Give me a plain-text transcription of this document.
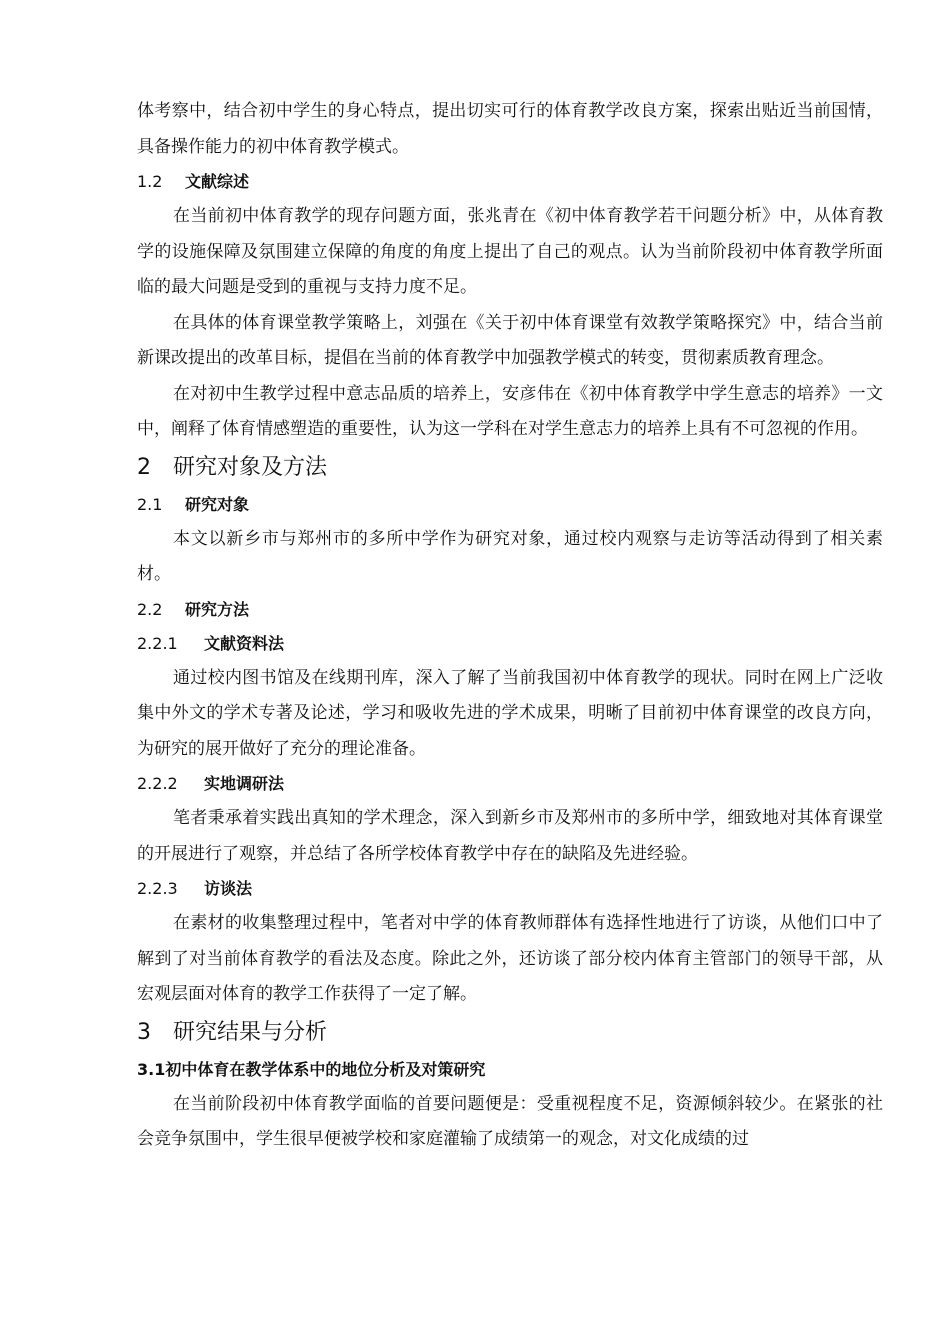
体考察中，结合初中学生的身心特点，提出切实可行的体育教学改良方案，探索出贴近当前国情，具备操作能力的初中体育教学模式。

1.2 文献综述

在当前初中体育教学的现存问题方面，张兆青在《初中体育教学若干问题分析》中，从体育教学的设施保障及氛围建立保障的角度的角度上提出了自己的观点。认为当前阶段初中体育教学所面临的最大问题是受到的重视与支持力度不足。

在具体的体育课堂教学策略上，刘强在《关于初中体育课堂有效教学策略探究》中，结合当前新课改提出的改革目标，提倡在当前的体育教学中加强教学模式的转变，贯彻素质教育理念。

在对初中生教学过程中意志品质的培养上，安彦伟在《初中体育教学中学生意志的培养》一文中，阐释了体育情感塑造的重要性，认为这一学科在对学生意志力的培养上具有不可忽视的作用。

2 研究对象及方法
2.1 研究对象

本文以新乡市与郑州市的多所中学作为研究对象，通过校内观察与走访等活动得到了相关素材。

2.2 研究方法
2.2.1 文献资料法

通过校内图书馆及在线期刊库，深入了解了当前我国初中体育教学的现状。同时在网上广泛收集中外文的学术专著及论述，学习和吸收先进的学术成果，明晰了目前初中体育课堂的改良方向，为研究的展开做好了充分的理论准备。

2.2.2 实地调研法

笔者秉承着实践出真知的学术理念，深入到新乡市及郑州市的多所中学，细致地对其体育课堂的开展进行了观察，并总结了各所学校体育教学中存在的缺陷及先进经验。

2.2.3 访谈法

在素材的收集整理过程中，笔者对中学的体育教师群体有选择性地进行了访谈，从他们口中了解到了对当前体育教学的看法及态度。除此之外，还访谈了部分校内体育主管部门的领导干部，从宏观层面对体育的教学工作获得了一定了解。

3 研究结果与分析
3.1初中体育在教学体系中的地位分析及对策研究

在当前阶段初中体育教学面临的首要问题便是：受重视程度不足，资源倾斜较少。在紧张的社会竞争氛围中，学生很早便被学校和家庭灌输了成绩第一的观念，对文化成绩的过
